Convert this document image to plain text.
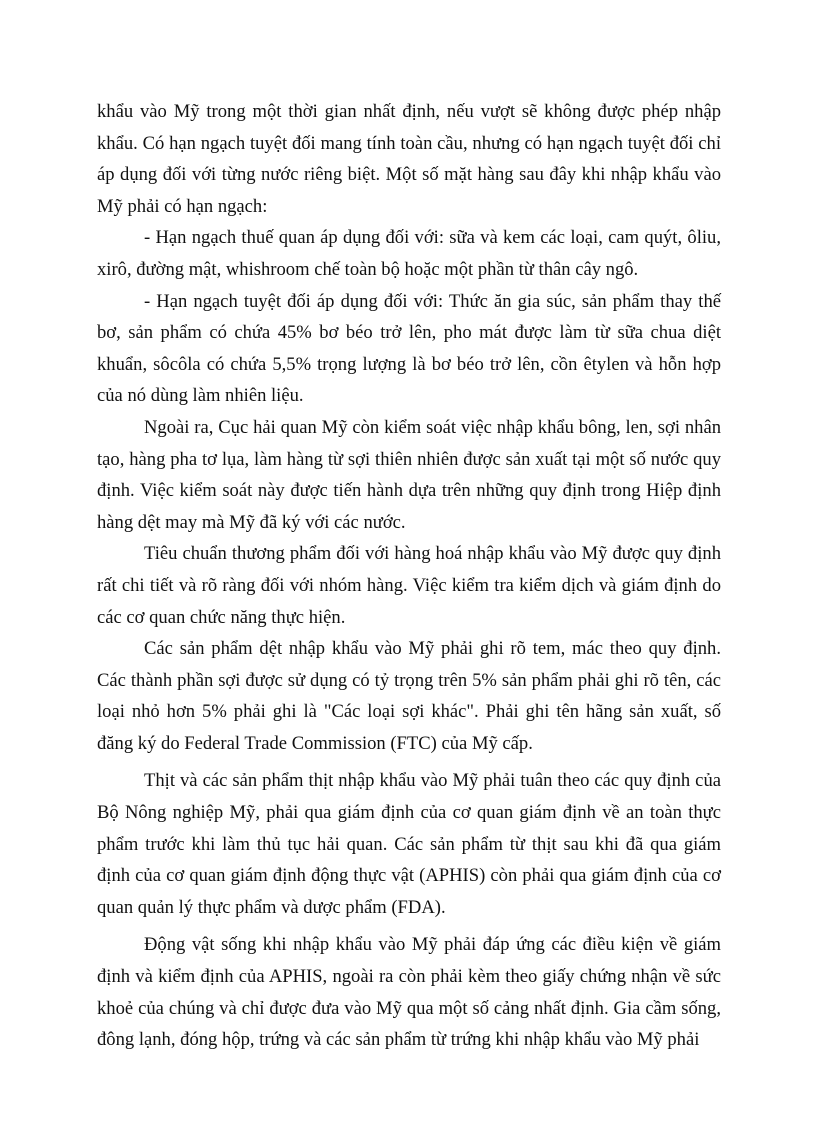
khẩu vào Mỹ trong một thời gian nhất định, nếu vượt sẽ không được phép nhập khẩu. Có hạn ngạch tuyệt đối mang tính toàn cầu, nhưng có hạn ngạch tuyệt đối chỉ áp dụng đối với từng nước riêng biệt. Một số mặt hàng sau đây khi nhập khẩu vào Mỹ phải có hạn ngạch:

- Hạn ngạch thuế quan áp dụng đối với: sữa và kem các loại, cam quýt, ôliu, xirô, đường mật, whishroom chế toàn bộ hoặc một phần từ thân cây ngô.

- Hạn ngạch tuyệt đối áp dụng đối với: Thức ăn gia súc, sản phẩm thay thế bơ, sản phẩm có chứa 45% bơ béo trở lên, pho mát được làm từ sữa chua diệt khuẩn, sôcôla có chứa 5,5% trọng lượng là bơ béo trở lên, cồn êtylen và hỗn hợp của nó dùng làm nhiên liệu.

Ngoài ra, Cục hải quan Mỹ còn kiểm soát việc nhập khẩu bông, len, sợi nhân tạo, hàng pha tơ lụa, làm hàng từ sợi thiên nhiên được sản xuất tại một số nước quy định. Việc kiểm soát này được tiến hành dựa trên những quy định trong Hiệp định hàng dệt may mà Mỹ đã ký với các nước.

Tiêu chuẩn thương phẩm đối với hàng hoá nhập khẩu vào Mỹ được quy định rất chi tiết và rõ ràng đối với nhóm hàng. Việc kiểm tra kiểm dịch và giám định do các cơ quan chức năng thực hiện.

Các sản phẩm dệt nhập khẩu vào Mỹ phải ghi rõ tem, mác theo quy định. Các thành phần sợi được sử dụng có tỷ trọng trên 5% sản phẩm phải ghi rõ tên, các loại nhỏ hơn 5% phải ghi là "Các loại sợi khác". Phải ghi tên hãng sản xuất, số đăng ký do Federal Trade Commission (FTC) của Mỹ cấp.

Thịt và các sản phẩm thịt nhập khẩu vào Mỹ phải tuân theo các quy định của Bộ Nông nghiệp Mỹ, phải qua giám định của cơ quan giám định về an toàn thực phẩm trước khi làm thủ tục hải quan. Các sản phẩm từ thịt sau khi đã qua giám định của cơ quan giám định động thực vật (APHIS) còn phải qua giám định của cơ quan quản lý thực phẩm và dược phẩm (FDA).

Động vật sống khi nhập khẩu vào Mỹ phải đáp ứng các điều kiện về giám định và kiểm định của APHIS, ngoài ra còn phải kèm theo giấy chứng nhận về sức khoẻ của chúng và chỉ được đưa vào Mỹ qua một số cảng nhất định. Gia cầm sống, đông lạnh, đóng hộp, trứng và các sản phẩm từ trứng khi nhập khẩu vào Mỹ phải
